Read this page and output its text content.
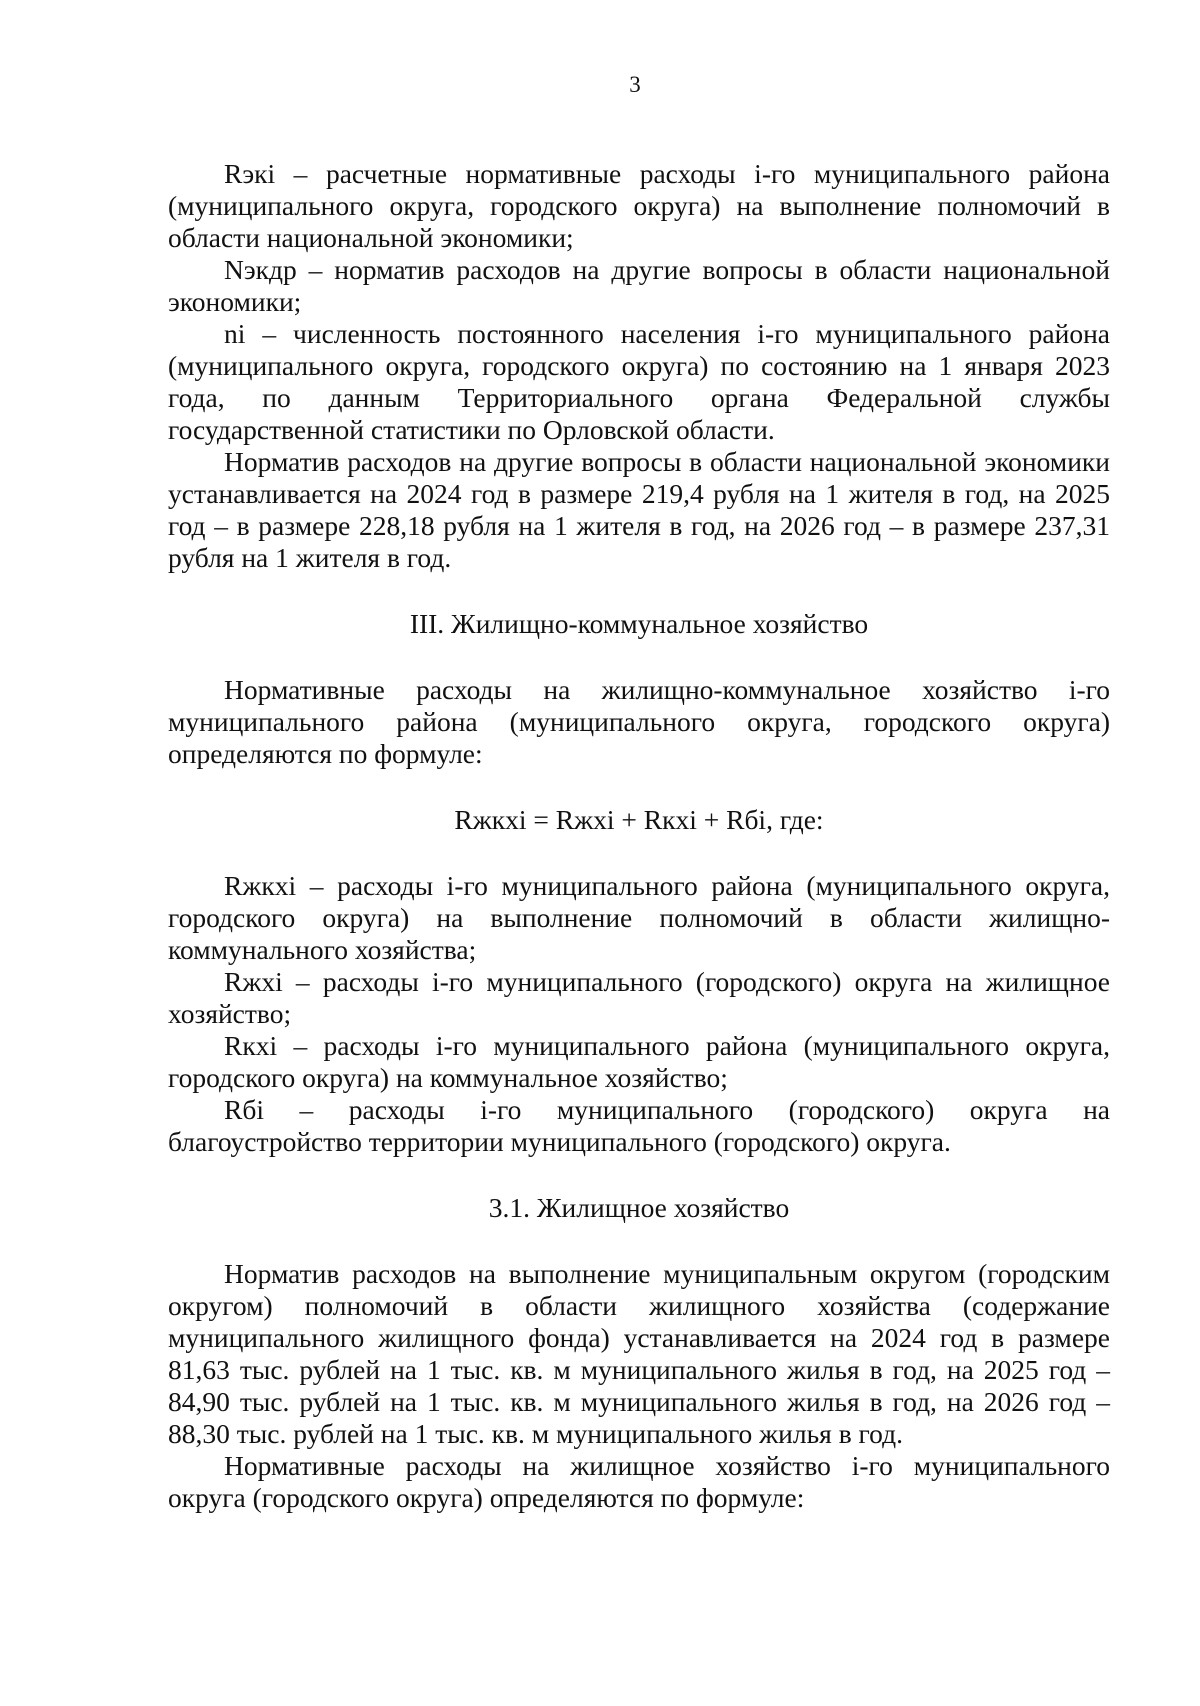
3

Rэкi – расчетные нормативные расходы i-го муниципального района (муниципального округа, городского округа) на выполнение полномочий в области национальной экономики;

Nэкдр – норматив расходов на другие вопросы в области национальной экономики;

ni – численность постоянного населения i-го муниципального района (муниципального округа, городского округа) по состоянию на 1 января 2023 года, по данным Территориального органа Федеральной службы государственной статистики по Орловской области.

Норматив расходов на другие вопросы в области национальной экономики устанавливается на 2024 год в размере 219,4 рубля на 1 жителя в год, на 2025 год – в размере 228,18 рубля на 1 жителя в год, на 2026 год – в размере 237,31 рубля на 1 жителя в год.

III. Жилищно-коммунальное хозяйство

Нормативные расходы на жилищно-коммунальное хозяйство i-го муниципального района (муниципального округа, городского округа) определяются по формуле:

Rжкхi = Rжхi + Rкхi + Rбi, где:

Rжкхi – расходы i-го муниципального района (муниципального округа, городского округа) на выполнение полномочий в области жилищно-коммунального хозяйства;

Rжхi – расходы i-го муниципального (городского) округа на жилищное хозяйство;

Rкхi – расходы i-го муниципального района (муниципального округа, городского округа) на коммунальное хозяйство;

Rбi – расходы i-го муниципального (городского) округа на благоустройство территории муниципального (городского) округа.

3.1. Жилищное хозяйство

Норматив расходов на выполнение муниципальным округом (городским округом) полномочий в области жилищного хозяйства (содержание муниципального жилищного фонда) устанавливается на 2024 год в размере 81,63 тыс. рублей на 1 тыс. кв. м муниципального жилья в год, на 2025 год – 84,90 тыс. рублей на 1 тыс. кв. м муниципального жилья в год, на 2026 год – 88,30 тыс. рублей на 1 тыс. кв. м муниципального жилья в год.

Нормативные расходы на жилищное хозяйство i-го муниципального округа (городского округа) определяются по формуле:
